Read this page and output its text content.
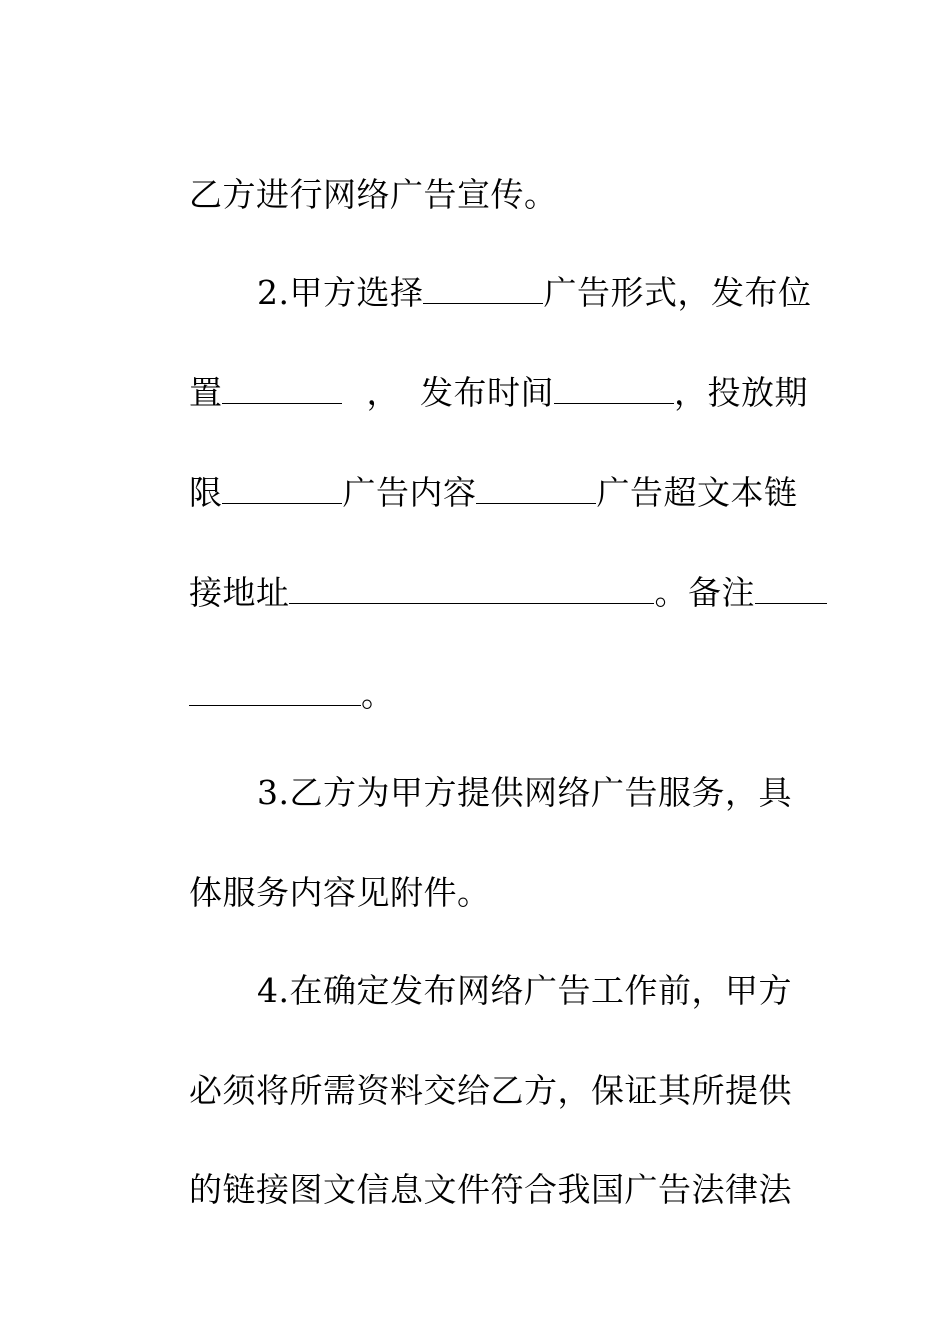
乙方进行网络广告宣传。

2.甲方选择	广告形式，发布位

置	， 发布时间	，投放期

限	广告内容	广告超文本链

接地址	。备注

。

3.乙方为甲方提供网络广告服务，具

体服务内容见附件。

4.在确定发布网络广告工作前，甲方

必须将所需资料交给乙方，保证其所提供

的链接图文信息文件符合我国广告法律法
